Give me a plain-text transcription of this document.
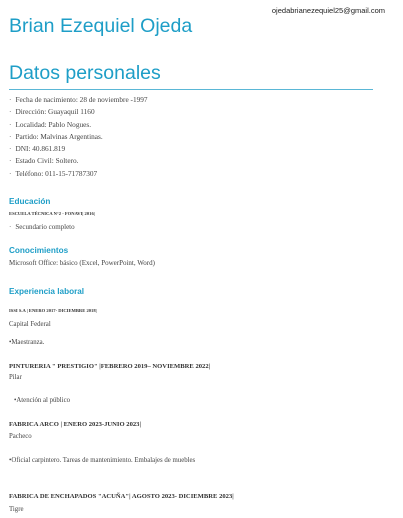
ojedabrianezequiel25@gmail.com
Brian Ezequiel Ojeda
Datos personales
· Fecha de nacimiento: 28 de noviembre -1997
· Dirección: Guayaquil 1160
· Localidad: Pablo Nogues.
· Partido: Malvinas Argentinas.
· DNI: 40.861.819
· Estado Civil: Soltero.
· Teléfono: 011-15-71787307
Educación
ESCUELA TÉCNICA N°2 - FONAVI| 2016|
· Secundario completo
Conocimientos
Microsoft Office: básico (Excel, PowerPoint, Word)
Experiencia laboral
ISSI S.A | ENERO 2017- DICIEMBRE 2018|
Capital Federal
•Maestranza.
PINTURERIA " PRESTIGIO" |FEBRERO 2019– NOVIEMBRE 2022|
Pilar
•Atención al público
FABRICA ARCO | ENERO 2023-JUNIO 2023|
Pacheco
•Oficial carpintero. Tareas de mantenimiento. Embalajes de muebles
FABRICA DE ENCHAPADOS "ACUÑA"| AGOSTO 2023- DICIEMBRE 2023|
Tigre
